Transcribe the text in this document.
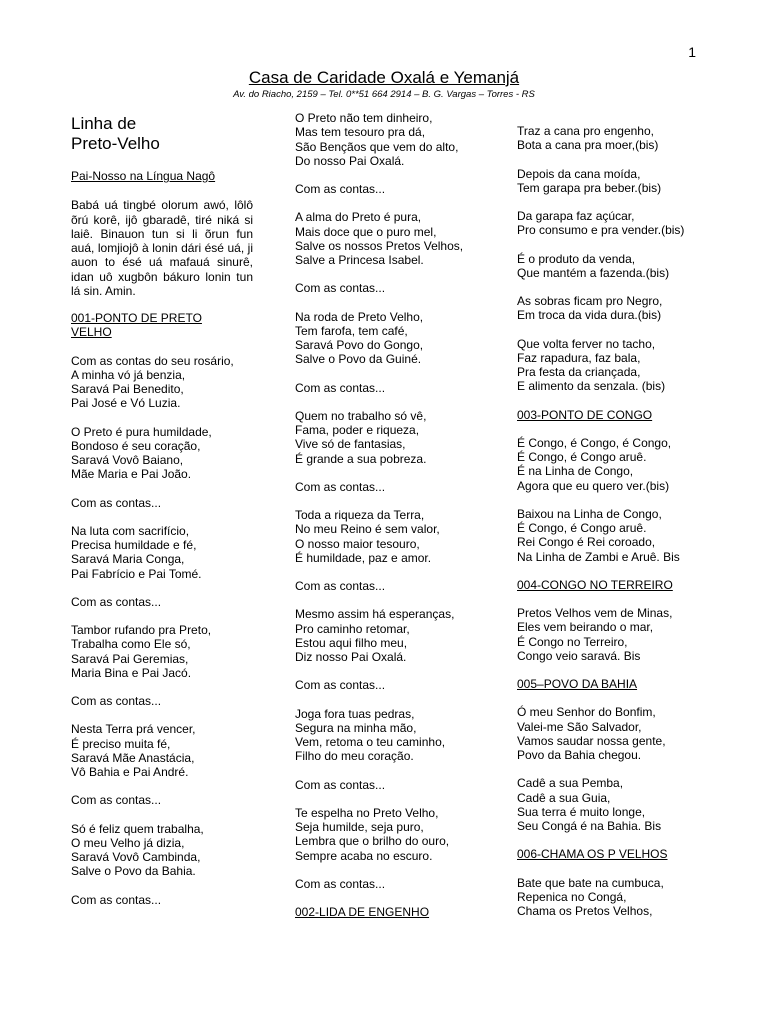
1
Casa de Caridade Oxalá e Yemanjá
Av. do Riacho, 2159 – Tel. 0**51 664 2914 – B. G. Vargas – Torres - RS
Linha de
Preto-Velho
Pai-Nosso na Língua Nagô
Babá uá tingbé olorum awó, lôlô õrú korê, ijô gbaradê, tiré niká si laiê. Binauon tun si li õrun fun auá, lomjiojô à lonin dári ésé uá, ji auon to ésé uá mafauá sinurê, idan uô xugbôn bákuro lonin tun lá sin. Amin.
001-PONTO DE PRETO
VELHO
Com as contas do seu rosário,
A minha vó já benzia,
Saravá Pai Benedito,
Pai José e Vó Luzia.
O Preto é pura humildade,
Bondoso é seu coração,
Saravá Vovô Baiano,
Mãe Maria e Pai João.
Com as contas...
Na luta com sacrifício,
Precisa humildade e fé,
Saravá Maria Conga,
Pai Fabrício e Pai Tomé.
Com as contas...
Tambor rufando pra Preto,
Trabalha como Ele só,
Saravá Pai Geremias,
Maria Bina e Pai Jacó.
Com as contas...
Nesta Terra prá vencer,
É preciso muita fé,
Saravá Mãe Anastácia,
Vô Bahia e Pai André.
Com as contas...
Só é feliz quem trabalha,
O meu Velho já dizia,
Saravá Vovô Cambinda,
Salve o Povo da Bahia.
Com as contas...
O Preto não tem dinheiro,
Mas tem tesouro pra dá,
São Bençãos que vem do alto,
Do nosso Pai Oxalá.
Com as contas...
A alma do Preto é pura,
Mais doce que o puro mel,
Salve os nossos Pretos Velhos,
Salve a Princesa Isabel.
Com as contas...
Na roda de Preto Velho,
Tem farofa, tem café,
Saravá Povo do Gongo,
Salve o Povo da Guiné.
Com as contas...
Quem no trabalho só vê,
Fama, poder e riqueza,
Vive só de fantasias,
É grande a sua pobreza.
Com as contas...
Toda a riqueza da Terra,
No meu Reino é sem valor,
O nosso maior tesouro,
É humildade, paz e amor.
Com as contas...
Mesmo assim há esperanças,
Pro caminho retomar,
Estou aqui filho meu,
Diz nosso Pai Oxalá.
Com as contas...
Joga fora tuas pedras,
Segura na minha mão,
Vem, retoma o teu caminho,
Filho do meu coração.
Com as contas...
Te espelha no Preto Velho,
Seja humilde, seja puro,
Lembra que o brilho do ouro,
Sempre acaba no escuro.
Com as contas...
002-LIDA DE ENGENHO
Traz a cana pro engenho,
Bota a cana pra moer,(bis)
Depois da cana moída,
Tem garapa pra beber.(bis)
Da garapa faz açúcar,
Pro consumo e pra vender.(bis)
É o produto da venda,
Que mantém a fazenda.(bis)
As sobras ficam pro Negro,
Em troca da vida dura.(bis)
Que volta ferver no tacho,
Faz rapadura, faz bala,
Pra festa da criançada,
E alimento da senzala. (bis)
003-PONTO DE CONGO
É Congo, é Congo, é Congo,
É Congo, é Congo aruê.
É na Linha de Congo,
Agora que eu quero ver.(bis)
Baixou na Linha de Congo,
É Congo, é Congo aruê.
Rei Congo é Rei coroado,
Na Linha de Zambi e Aruê. Bis
004-CONGO NO TERREIRO
Pretos Velhos vem de Minas,
Eles vem beirando o mar,
É Congo no Terreiro,
Congo veio saravá. Bis
005–POVO DA BAHIA
Ó meu Senhor do Bonfim,
Valei-me São Salvador,
Vamos saudar nossa gente,
Povo da Bahia chegou.
Cadê a sua Pemba,
Cadê a sua Guia,
Sua terra é muito longe,
Seu Congá é na Bahia. Bis
006-CHAMA OS P VELHOS
Bate que bate na cumbuca,
Repenica no Congá,
Chama os Pretos Velhos,
